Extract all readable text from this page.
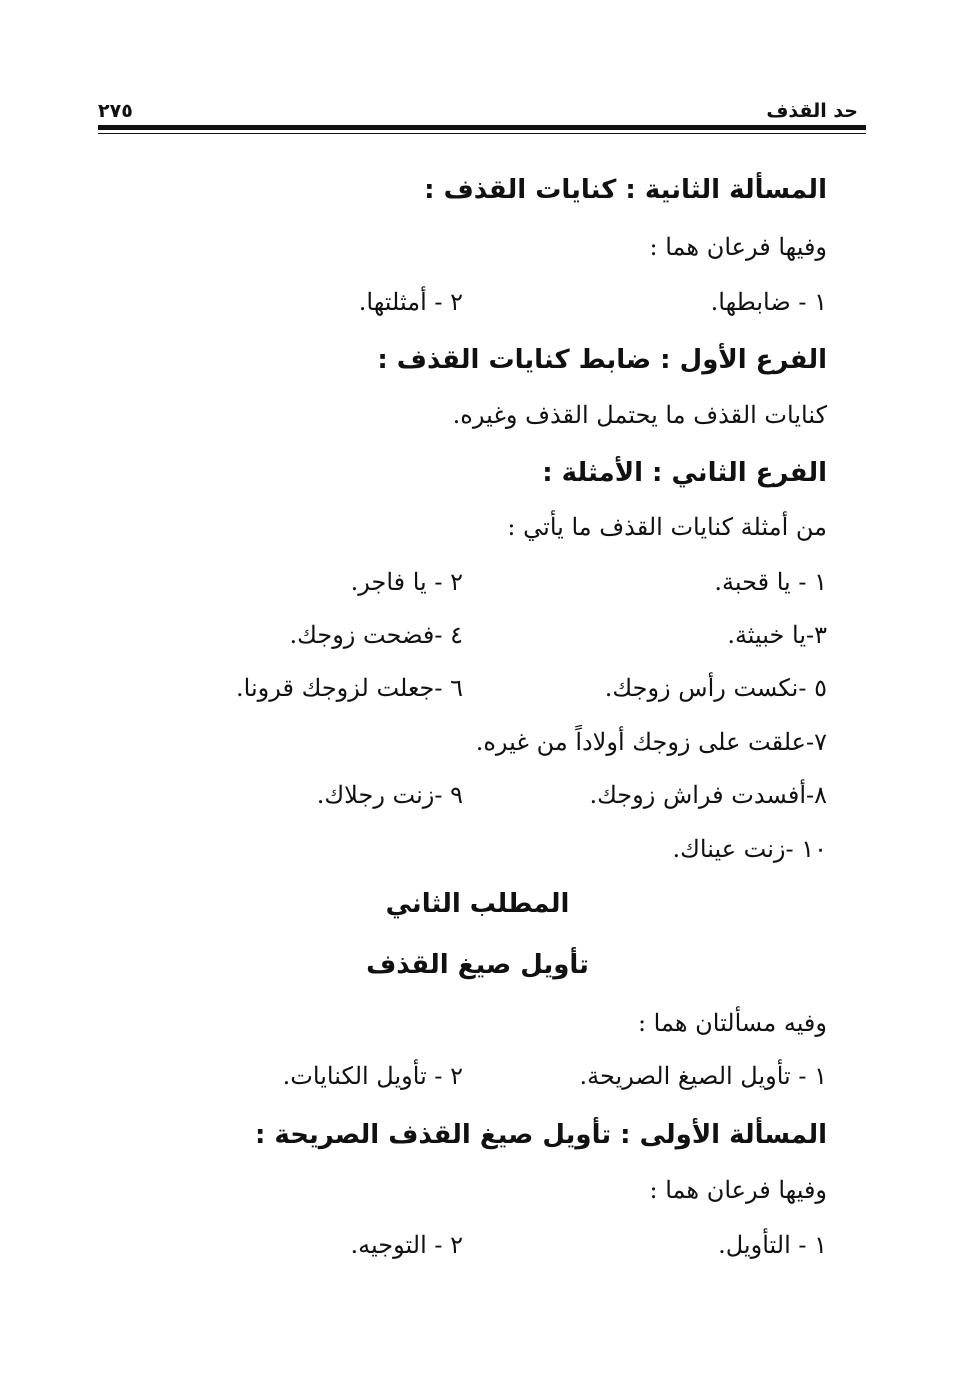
حد القذف
٢٧٥
المسألة الثانية : كنايات القذف :
وفيها فرعان هما :
١ - ضابطها.
٢ - أمثلتها.
الفرع الأول : ضابط كنايات القذف :
كنايات القذف ما يحتمل القذف وغيره.
الفرع الثاني : الأمثلة :
من أمثلة كنايات القذف ما يأتي :
١ - يا قحبة.
٢ - يا فاجر.
٣-يا خبيثة.
٤ -فضحت زوجك.
٥ -نكست رأس زوجك.
٦ -جعلت لزوجك قرونا.
٧-علقت على زوجك أولاداً من غيره.
٨-أفسدت فراش زوجك.
٩ -زنت رجلاك.
١٠ -زنت عيناك.
المطلب الثاني
تأويل صيغ القذف
وفيه مسألتان هما :
١ - تأويل الصيغ الصريحة.
٢ - تأويل الكنايات.
المسألة الأولى : تأويل صيغ القذف الصريحة :
وفيها فرعان هما :
١ - التأويل.
٢ - التوجيه.
